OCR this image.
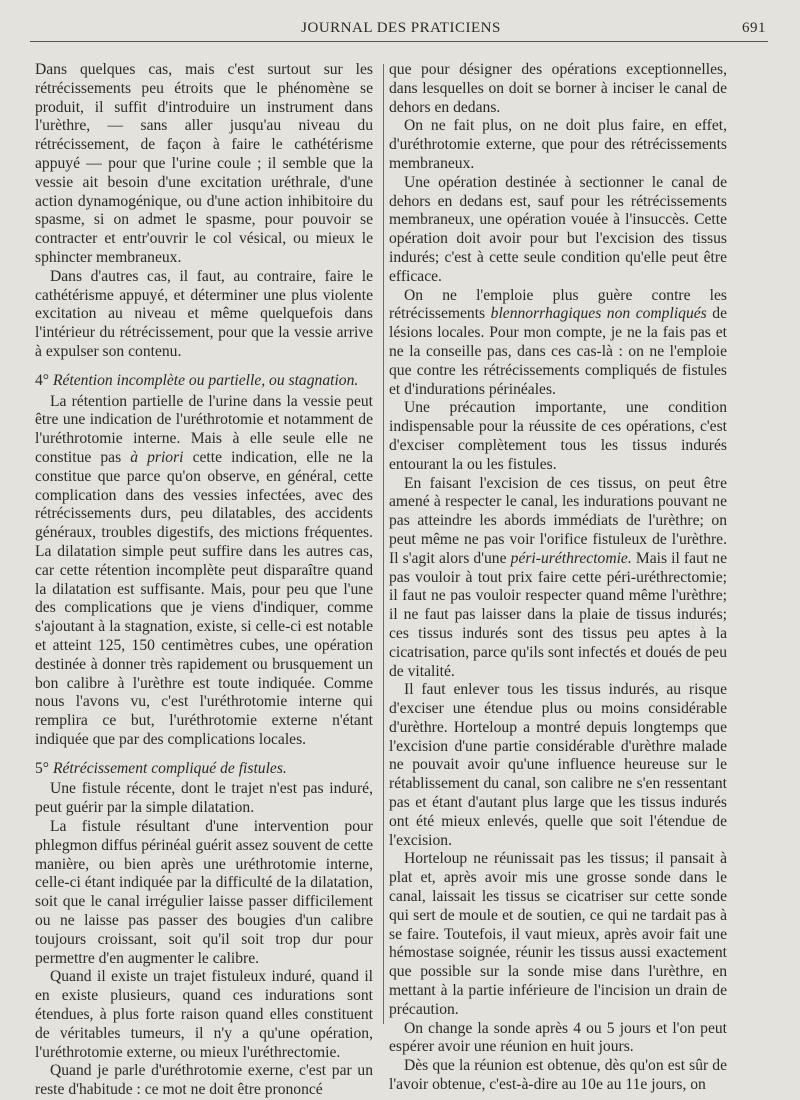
JOURNAL DES PRATICIENS	691

Dans quelques cas, mais c'est surtout sur les rétrécissements peu étroits que le phénomène se produit, il suffit d'introduire un instrument dans l'urèthre, — sans aller jusqu'au niveau du rétrécissement, de façon à faire le cathétérisme appuyé — pour que l'urine coule ; il semble que la vessie ait besoin d'une excitation uréthrale, d'une action dynamogénique, ou d'une action inhibitoire du spasme, si on admet le spasme, pour pouvoir se contracter et entr'ouvrir le col vésical, ou mieux le sphincter membraneux.

Dans d'autres cas, il faut, au contraire, faire le cathétérisme appuyé, et déterminer une plus violente excitation au niveau et même quelquefois dans l'intérieur du rétrécissement, pour que la vessie arrive à expulser son contenu.

4° Rétention incomplète ou partielle, ou stagnation.

La rétention partielle de l'urine dans la vessie peut être une indication de l'uréthrotomie et notamment de l'uréthrotomie interne. Mais à elle seule elle ne constitue pas à priori cette indication, elle ne la constitue que parce qu'on observe, en général, cette complication dans des vessies infectées, avec des rétrécissements durs, peu dilatables, des accidents généraux, troubles digestifs, des mictions fréquentes. La dilatation simple peut suffire dans les autres cas, car cette rétention incomplète peut disparaître quand la dilatation est suffisante. Mais, pour peu que l'une des complications que je viens d'indiquer, comme s'ajoutant à la stagnation, existe, si celle-ci est notable et atteint 125, 150 centimètres cubes, une opération destinée à donner très rapidement ou brusquement un bon calibre à l'urèthre est toute indiquée. Comme nous l'avons vu, c'est l'uréthrotomie interne qui remplira ce but, l'uréthrotomie externe n'étant indiquée que par des complications locales.

5° Rétrécissement compliqué de fistules.

Une fistule récente, dont le trajet n'est pas induré, peut guérir par la simple dilatation.

La fistule résultant d'une intervention pour phlegmon diffus périnéal guérit assez souvent de cette manière, ou bien après une uréthrotomie interne, celle-ci étant indiquée par la difficulté de la dilatation, soit que le canal irrégulier laisse passer difficilement ou ne laisse pas passer des bougies d'un calibre toujours croissant, soit qu'il soit trop dur pour permettre d'en augmenter le calibre.

Quand il existe un trajet fistuleux induré, quand il en existe plusieurs, quand ces indurations sont étendues, à plus forte raison quand elles constituent de véritables tumeurs, il n'y a qu'une opération, l'uréthrotomie externe, ou mieux l'uréthrectomie.

Quand je parle d'uréthrotomie exerne, c'est par un reste d'habitude : ce mot ne doit être prononcé

que pour désigner des opérations exceptionnelles, dans lesquelles on doit se borner à inciser le canal de dehors en dedans.

On ne fait plus, on ne doit plus faire, en effet, d'uréthrotomie externe, que pour des rétrécissements membraneux.

Une opération destinée à sectionner le canal de dehors en dedans est, sauf pour les rétrécissements membraneux, une opération vouée à l'insuccès. Cette opération doit avoir pour but l'excision des tissus indurés; c'est à cette seule condition qu'elle peut être efficace.

On ne l'emploie plus guère contre les rétrécissements blennorrhagiques non compliqués de lésions locales. Pour mon compte, je ne la fais pas et ne la conseille pas, dans ces cas-là : on ne l'emploie que contre les rétrécissements compliqués de fistules et d'indurations périnéales.

Une précaution importante, une condition indispensable pour la réussite de ces opérations, c'est d'exciser complètement tous les tissus indurés entourant la ou les fistules.

En faisant l'excision de ces tissus, on peut être amené à respecter le canal, les indurations pouvant ne pas atteindre les abords immédiats de l'urèthre; on peut même ne pas voir l'orifice fistuleux de l'urèthre. Il s'agit alors d'une péri-uréthrectomie. Mais il faut ne pas vouloir à tout prix faire cette péri-uréthrectomie; il faut ne pas vouloir respecter quand même l'urèthre; il ne faut pas laisser dans la plaie de tissus indurés; ces tissus indurés sont des tissus peu aptes à la cicatrisation, parce qu'ils sont infectés et doués de peu de vitalité.

Il faut enlever tous les tissus indurés, au risque d'exciser une étendue plus ou moins considérable d'urèthre. Horteloup a montré depuis longtemps que l'excision d'une partie considérable d'urèthre malade ne pouvait avoir qu'une influence heureuse sur le rétablissement du canal, son calibre ne s'en ressentant pas et étant d'autant plus large que les tissus indurés ont été mieux enlevés, quelle que soit l'étendue de l'excision.

Horteloup ne réunissait pas les tissus; il pansait à plat et, après avoir mis une grosse sonde dans le canal, laissait les tissus se cicatriser sur cette sonde qui sert de moule et de soutien, ce qui ne tardait pas à se faire. Toutefois, il vaut mieux, après avoir fait une hémostase soignée, réunir les tissus aussi exactement que possible sur la sonde mise dans l'urèthre, en mettant à la partie inférieure de l'incision un drain de précaution.

On change la sonde après 4 ou 5 jours et l'on peut espérer avoir une réunion en huit jours.

Dès que la réunion est obtenue, dès qu'on est sûr de l'avoir obtenue, c'est-à-dire au 10e au 11e jours, on
